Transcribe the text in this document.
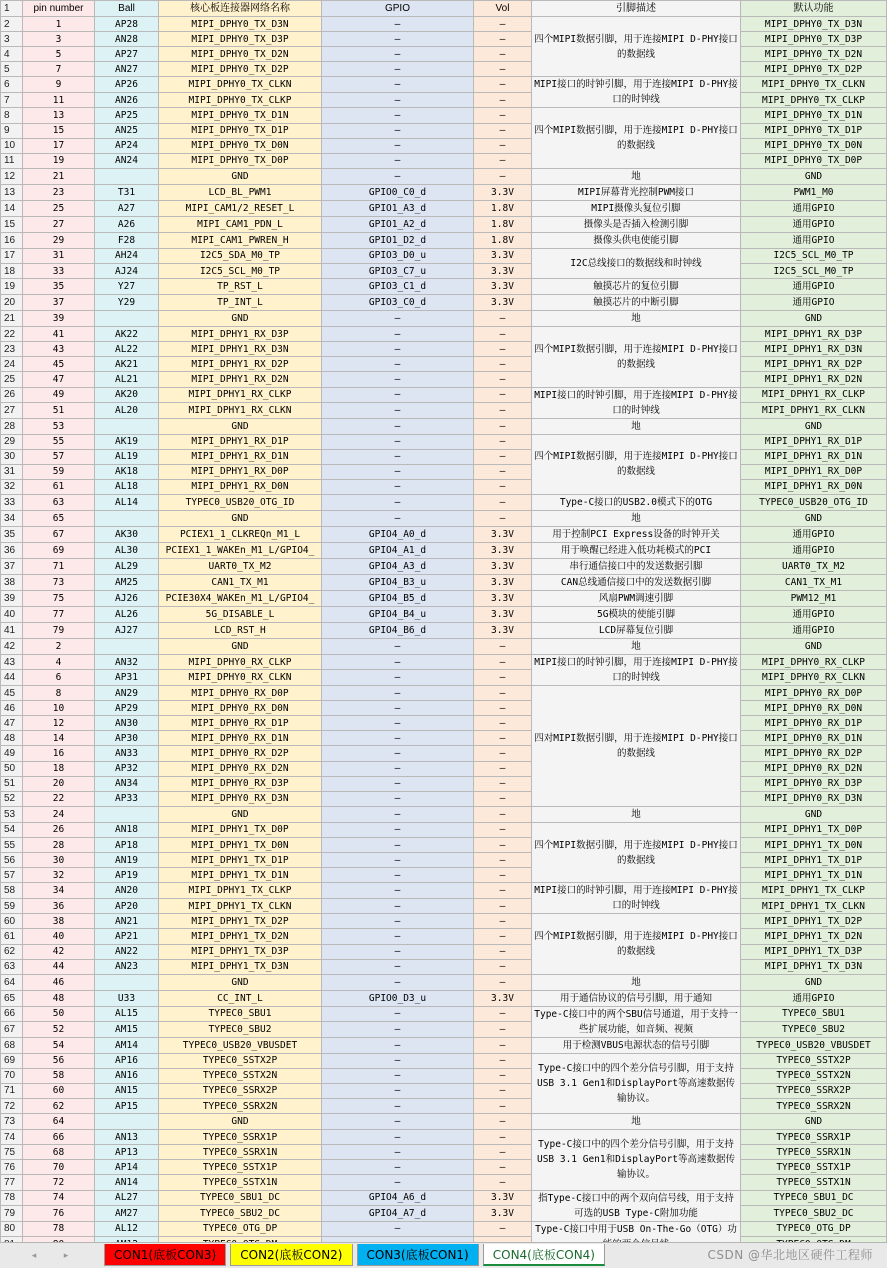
1	pin number	Ball	核心板连接器网络名称	GPIO	Vol	引脚描述	默认功能
2	1	AP28	MIPI_DPHY0_TX_D3N	—	—	四个MIPI数据引脚，用于连接MIPI D-PHY接口的数据线	MIPI_DPHY0_TX_D3N
3	3	AN28	MIPI_DPHY0_TX_D3P	—	—		MIPI_DPHY0_TX_D3P
4	5	AP27	MIPI_DPHY0_TX_D2N	—	—		MIPI_DPHY0_TX_D2N
5	7	AN27	MIPI_DPHY0_TX_D2P	—	—		MIPI_DPHY0_TX_D2P
6	9	AP26	MIPI_DPHY0_TX_CLKN	—	—	MIPI接口的时钟引脚，用于连接MIPI D-PHY接口的时钟线	MIPI_DPHY0_TX_CLKN
7	11	AN26	MIPI_DPHY0_TX_CLKP	—	—		MIPI_DPHY0_TX_CLKP
8	13	AP25	MIPI_DPHY0_TX_D1N	—	—	四个MIPI数据引脚，用于连接MIPI D-PHY接口的数据线	MIPI_DPHY0_TX_D1N
9	15	AN25	MIPI_DPHY0_TX_D1P	—	—		MIPI_DPHY0_TX_D1P
10	17	AP24	MIPI_DPHY0_TX_D0N	—	—		MIPI_DPHY0_TX_D0N
11	19	AN24	MIPI_DPHY0_TX_D0P	—	—		MIPI_DPHY0_TX_D0P
12	21		GND	—	—	地	GND
13	23	T31	LCD_BL_PWM1	GPIO0_C0_d	3.3V	MIPI屏幕背光控制PWM接口	PWM1_M0
14	25	A27	MIPI_CAM1/2_RESET_L	GPIO1_A3_d	1.8V	MIPI摄像头复位引脚	通用GPIO
15	27	A26	MIPI_CAM1_PDN_L	GPIO1_A2_d	1.8V	摄像头是否插入检测引脚	通用GPIO
16	29	F28	MIPI_CAM1_PWREN_H	GPIO1_D2_d	1.8V	摄像头供电使能引脚	通用GPIO
17	31	AH24	I2C5_SDA_M0_TP	GPIO3_D0_u	3.3V	I2C总线接口的数据线和时钟线	I2C5_SCL_M0_TP
18	33	AJ24	I2C5_SCL_M0_TP	GPIO3_C7_u	3.3V		I2C5_SCL_M0_TP
19	35	Y27	TP_RST_L	GPIO3_C1_d	3.3V	触摸芯片的复位引脚	通用GPIO
20	37	Y29	TP_INT_L	GPIO3_C0_d	3.3V	触摸芯片的中断引脚	通用GPIO
21	39		GND	—	—	地	GND
22	41	AK22	MIPI_DPHY1_RX_D3P	—	—	四个MIPI数据引脚，用于连接MIPI D-PHY接口的数据线	MIPI_DPHY1_RX_D3P
23	43	AL22	MIPI_DPHY1_RX_D3N	—	—		MIPI_DPHY1_RX_D3N
24	45	AK21	MIPI_DPHY1_RX_D2P	—	—		MIPI_DPHY1_RX_D2P
25	47	AL21	MIPI_DPHY1_RX_D2N	—	—		MIPI_DPHY1_RX_D2N
26	49	AK20	MIPI_DPHY1_RX_CLKP	—	—	MIPI接口的时钟引脚，用于连接MIPI D-PHY接口的时钟线	MIPI_DPHY1_RX_CLKP
27	51	AL20	MIPI_DPHY1_RX_CLKN	—	—		MIPI_DPHY1_RX_CLKN
28	53		GND	—	—	地	GND
29	55	AK19	MIPI_DPHY1_RX_D1P	—	—	四个MIPI数据引脚，用于连接MIPI D-PHY接口的数据线	MIPI_DPHY1_RX_D1P
30	57	AL19	MIPI_DPHY1_RX_D1N	—	—		MIPI_DPHY1_RX_D1N
31	59	AK18	MIPI_DPHY1_RX_D0P	—	—		MIPI_DPHY1_RX_D0P
32	61	AL18	MIPI_DPHY1_RX_D0N	—	—		MIPI_DPHY1_RX_D0N
33	63	AL14	TYPEC0_USB20_OTG_ID	—	—	Type-C接口的USB2.0模式下的OTG	TYPEC0_USB20_OTG_ID
34	65		GND	—	—	地	GND
35	67	AK30	PCIEX1_1_CLKREQn_M1_L	GPIO4_A0_d	3.3V	用于控制PCI Express设备的时钟开关	通用GPIO
36	69	AL30	PCIEX1_1_WAKEn_M1_L/GPIO4_	GPIO4_A1_d	3.3V	用于唤醒已经进入低功耗模式的PCI	通用GPIO
37	71	AL29	UART0_TX_M2	GPIO4_A3_d	3.3V	串行通信接口中的发送数据引脚	UART0_TX_M2
38	73	AM25	CAN1_TX_M1	GPIO4_B3_u	3.3V	CAN总线通信接口中的发送数据引脚	CAN1_TX_M1
39	75	AJ26	PCIE30X4_WAKEn_M1_L/GPIO4_	GPIO4_B5_d	3.3V	风扇PWM调速引脚	PWM12_M1
40	77	AL26	5G_DISABLE_L	GPIO4_B4_u	3.3V	5G模块的使能引脚	通用GPIO
41	79	AJ27	LCD_RST_H	GPIO4_B6_d	3.3V	LCD屏幕复位引脚	通用GPIO
42	2		GND	—	—	地	GND
43	4	AN32	MIPI_DPHY0_RX_CLKP	—	—	MIPI接口的时钟引脚，用于连接MIPI D-PHY接口的时钟线	MIPI_DPHY0_RX_CLKP
44	6	AP31	MIPI_DPHY0_RX_CLKN	—	—		MIPI_DPHY0_RX_CLKN
45	8	AN29	MIPI_DPHY0_RX_D0P	—	—	四对MIPI数据引脚，用于连接MIPI D-PHY接口的数据线	MIPI_DPHY0_RX_D0P
46	10	AP29	MIPI_DPHY0_RX_D0N	—	—		MIPI_DPHY0_RX_D0N
47	12	AN30	MIPI_DPHY0_RX_D1P	—	—		MIPI_DPHY0_RX_D1P
48	14	AP30	MIPI_DPHY0_RX_D1N	—	—		MIPI_DPHY0_RX_D1N
49	16	AN33	MIPI_DPHY0_RX_D2P	—	—		MIPI_DPHY0_RX_D2P
50	18	AP32	MIPI_DPHY0_RX_D2N	—	—		MIPI_DPHY0_RX_D2N
51	20	AN34	MIPI_DPHY0_RX_D3P	—	—		MIPI_DPHY0_RX_D3P
52	22	AP33	MIPI_DPHY0_RX_D3N	—	—		MIPI_DPHY0_RX_D3N
53	24		GND	—	—	地	GND
54	26	AN18	MIPI_DPHY1_TX_D0P	—	—	四个MIPI数据引脚，用于连接MIPI D-PHY接口的数据线	MIPI_DPHY1_TX_D0P
55	28	AP18	MIPI_DPHY1_TX_D0N	—	—		MIPI_DPHY1_TX_D0N
56	30	AN19	MIPI_DPHY1_TX_D1P	—	—		MIPI_DPHY1_TX_D1P
57	32	AP19	MIPI_DPHY1_TX_D1N	—	—		MIPI_DPHY1_TX_D1N
58	34	AN20	MIPI_DPHY1_TX_CLKP	—	—	MIPI接口的时钟引脚，用于连接MIPI D-PHY接口的时钟线	MIPI_DPHY1_TX_CLKP
59	36	AP20	MIPI_DPHY1_TX_CLKN	—	—		MIPI_DPHY1_TX_CLKN
60	38	AN21	MIPI_DPHY1_TX_D2P	—	—	四个MIPI数据引脚，用于连接MIPI D-PHY接口的数据线	MIPI_DPHY1_TX_D2P
61	40	AP21	MIPI_DPHY1_TX_D2N	—	—		MIPI_DPHY1_TX_D2N
62	42	AN22	MIPI_DPHY1_TX_D3P	—	—		MIPI_DPHY1_TX_D3P
63	44	AN23	MIPI_DPHY1_TX_D3N	—	—		MIPI_DPHY1_TX_D3N
64	46		GND	—	—	地	GND
65	48	U33	CC_INT_L	GPIO0_D3_u	3.3V	用于通信协议的信号引脚，用于通知	通用GPIO
66	50	AL15	TYPEC0_SBU1	—	—	Type-C接口中的两个SBU信号通道，用于支持一些扩展功能，如音频、视频	TYPEC0_SBU1
67	52	AM15	TYPEC0_SBU2	—	—		TYPEC0_SBU2
68	54	AM14	TYPEC0_USB20_VBUSDET	—	—	用于检测VBUS电源状态的信号引脚	TYPEC0_USB20_VBUSDET
69	56	AP16	TYPEC0_SSTX2P	—	—	Type-C接口中的四个差分信号引脚，用于支持USB 3.1 Gen1和DisplayPort等高速数据传输协议。	TYPEC0_SSTX2P
70	58	AN16	TYPEC0_SSTX2N	—	—		TYPEC0_SSTX2N
71	60	AN15	TYPEC0_SSRX2P	—	—		TYPEC0_SSRX2P
72	62	AP15	TYPEC0_SSRX2N	—	—		TYPEC0_SSRX2N
73	64		GND	—	—	地	GND
74	66	AN13	TYPEC0_SSRX1P	—	—	Type-C接口中的四个差分信号引脚，用于支持USB 3.1 Gen1和DisplayPort等高速数据传输协议。	TYPEC0_SSRX1P
75	68	AP13	TYPEC0_SSRX1N	—	—		TYPEC0_SSRX1N
76	70	AP14	TYPEC0_SSTX1P	—	—		TYPEC0_SSTX1P
77	72	AN14	TYPEC0_SSTX1N	—	—		TYPEC0_SSTX1N
78	74	AL27	TYPEC0_SBU1_DC	GPIO4_A6_d	3.3V	指Type-C接口中的两个双向信号线，用于支持可选的USB Type-C附加功能	TYPEC0_SBU1_DC
79	76	AM27	TYPEC0_SBU2_DC	GPIO4_A7_d	3.3V		TYPEC0_SBU2_DC
80	78	AL12	TYPEC0_OTG_DP	—	—	Type-C接口中用于USB On-The-Go（OTG）功	TYPEC0_OTG_DP

◂	▸	CON1(底板CON3)	CON2(底板CON2)	CON3(底板CON1)	CON4(底板CON4)	CSDN @华北地区硬件工程师
